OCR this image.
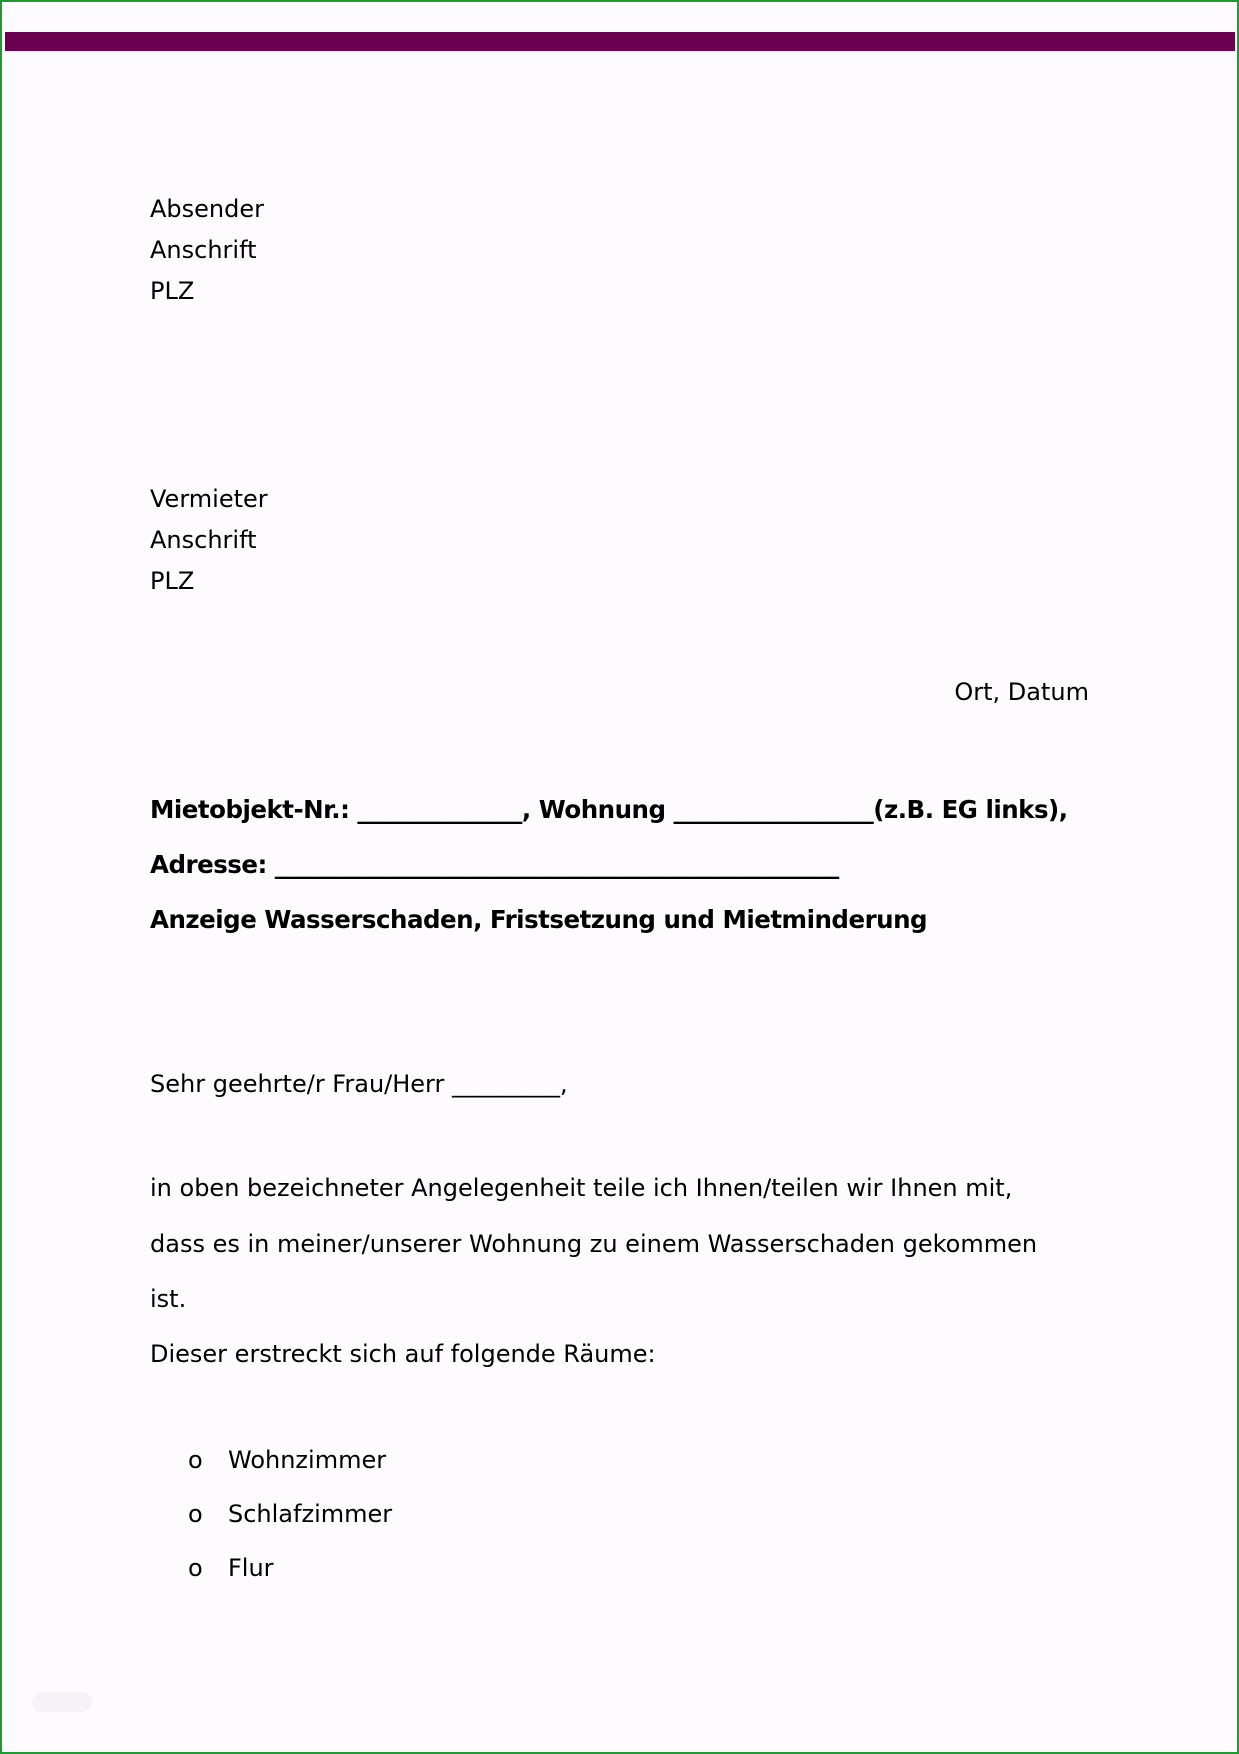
Absender
Anschrift
PLZ
Vermieter
Anschrift
PLZ
Ort, Datum
Mietobjekt-Nr.: ______________, Wohnung _________________(z.B. EG links),
Adresse: ________________________________________________
Anzeige Wasserschaden, Fristsetzung und Mietminderung
Sehr geehrte/r Frau/Herr _________,
in oben bezeichneter Angelegenheit teile ich Ihnen/teilen wir Ihnen mit,
dass es in meiner/unserer Wohnung zu einem Wasserschaden gekommen
ist.
Dieser erstreckt sich auf folgende Räume:
o Wohnzimmer
o Schlafzimmer
o Flur
